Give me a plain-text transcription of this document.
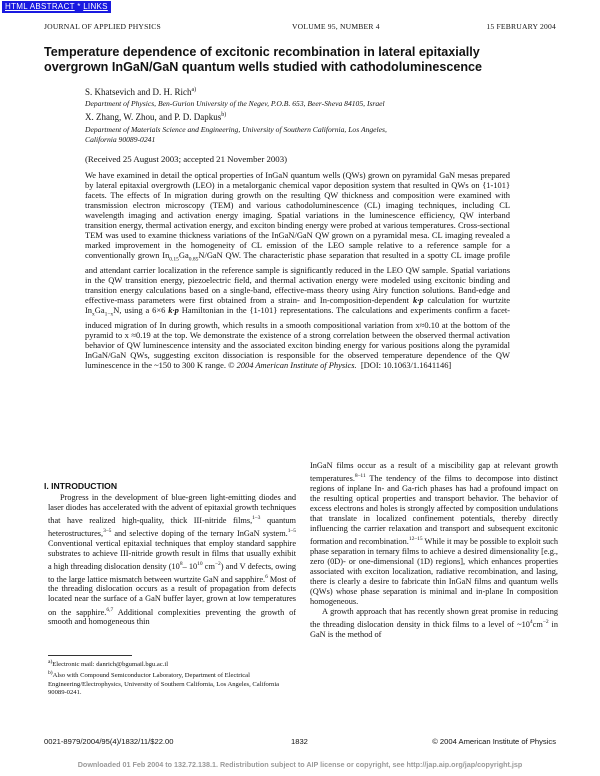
HTML ABSTRACT * LINKS
JOURNAL OF APPLIED PHYSICS	VOLUME 95, NUMBER 4	15 FEBRUARY 2004
Temperature dependence of excitonic recombination in lateral epitaxially
overgrown InGaN/GaN quantum wells studied with cathodoluminescence
S. Khatsevich and D. H. Rich$^{a)}$
Department of Physics, Ben-Gurion University of the Negev, P.O.B. 653, Beer-Sheva 84105, Israel
X. Zhang, W. Zhou, and P. D. Dapkus$^{b)}$
Department of Materials Science and Engineering, University of Southern California, Los Angeles,
California 90089-0241
(Received 25 August 2003; accepted 21 November 2003)
We have examined in detail the optical properties of InGaN quantum wells (QWs) grown on pyramidal GaN mesas prepared by lateral epitaxial overgrowth (LEO) in a metalorganic chemical vapor deposition system that resulted in QWs on {1-101} facets. The effects of In migration during growth on the resulting QW thickness and composition were examined with transmission electron microscopy (TEM) and various cathodoluminescence (CL) imaging techniques, including CL wavelength imaging and activation energy imaging. Spatial variations in the luminescence efficiency, QW interband transition energy, thermal activation energy, and exciton binding energy were probed at various temperatures. Cross-sectional TEM was used to examine thickness variations of the InGaN/GaN QW grown on a pyramidal mesa. CL imaging revealed a marked improvement in the homogeneity of CL emission of the LEO sample relative to a reference sample for a conventionally grown $In_{0.15}Ga_{0.85}N$/GaN QW. The characteristic phase separation that resulted in a spotty CL image profile and attendant carrier localization in the reference sample is significantly reduced in the LEO QW sample. Spatial variations in the QW transition energy, piezoelectric field, and thermal activation energy were modeled using excitonic binding and transition energy calculations based on a single-band, effective-mass theory using Airy function solutions. Band-edge and effective-mass parameters were first obtained from a strain- and In-composition-dependent k·p calculation for wurtzite $In_xGa_{1-x}N$, using a 6×6 k·p Hamiltonian in the {1-101} representations. The calculations and experiments confirm a facet-induced migration of In during growth, which results in a smooth compositional variation from x≈0.10 at the bottom of the pyramid to x ≈0.19 at the top. We demonstrate the existence of a strong correlation between the observed thermal activation behavior of QW luminescence intensity and the associated exciton binding energy for various positions along the pyramidal InGaN/GaN QWs, suggesting exciton dissociation is responsible for the observed temperature dependence of the QW luminescence in the ~150 to 300 K range. © 2004 American Institute of Physics. [DOI: 10.1063/1.1641146]
I. INTRODUCTION
Progress in the development of blue-green light-emitting diodes and laser diodes has accelerated with the advent of epitaxial growth techniques that have realized high-quality, thick III-nitride films,$^{1-3}$ quantum heterostructures,$^{3-5}$ and selective doping of the ternary InGaN system.$^{1-5}$ Conventional vertical epitaxial techniques that employ standard sapphire substrates to achieve III-nitride growth result in films that usually exhibit a high threading dislocation density ($10^8-$ $10^{10}$ $cm^{-2}$) and V defects, owing to the large lattice mismatch between wurtzite GaN and sapphire.$^6$ Most of the threading dislocation occurs as a result of propagation from defects located near the surface of a GaN buffer layer, grown at low temperatures on the sapphire.$^{6,7}$ Additional complexities preventing the growth of smooth and homogeneous thin

InGaN films occur as a result of a miscibility gap at relevant growth temperatures.$^{8-11}$ The tendency of the films to decompose into distinct regions of inplane In- and Ga-rich phases has had a profound impact on the resulting optical properties and transport behavior. The behavior of excess electrons and holes is strongly affected by composition undulations that translate in localized confinement potentials, thereby directly influencing the carrier relaxation and transport and subsequent excitonic formation and recombination.$^{12-15}$ While it may be possible to exploit such phase separation in ternary films to achieve a desired dimensionality [e.g., zero (0D)- or one-dimensional (1D) regions], which enhances properties associated with exciton localization, radiative recombination, and lasing, there is clearly a desire to fabricate thin InGaN films and quantum wells (QWs) whose phase separation is minimal and in-plane In composition homogeneous.

A growth approach that has recently shown great promise in reducing the threading dislocation density in thick films to a level of $\sim 10^4cm^{-2}$ in GaN is the method of

$^{a)}$Electronic mail: danrich@bgumail.bgu.ac.il
$^{b)}$Also with Compound Semiconductor Laboratory, Department of Electrical Engineering/Electrophysics, University of Southern California, Los Angeles, California 90089-0241.
0021-8979/2004/95(4)/1832/11/$22.00	1832	© 2004 American Institute of Physics
Downloaded 01 Feb 2004 to 132.72.138.1. Redistribution subject to AIP license or copyright, see http://jap.aip.org/jap/copyright.jsp
